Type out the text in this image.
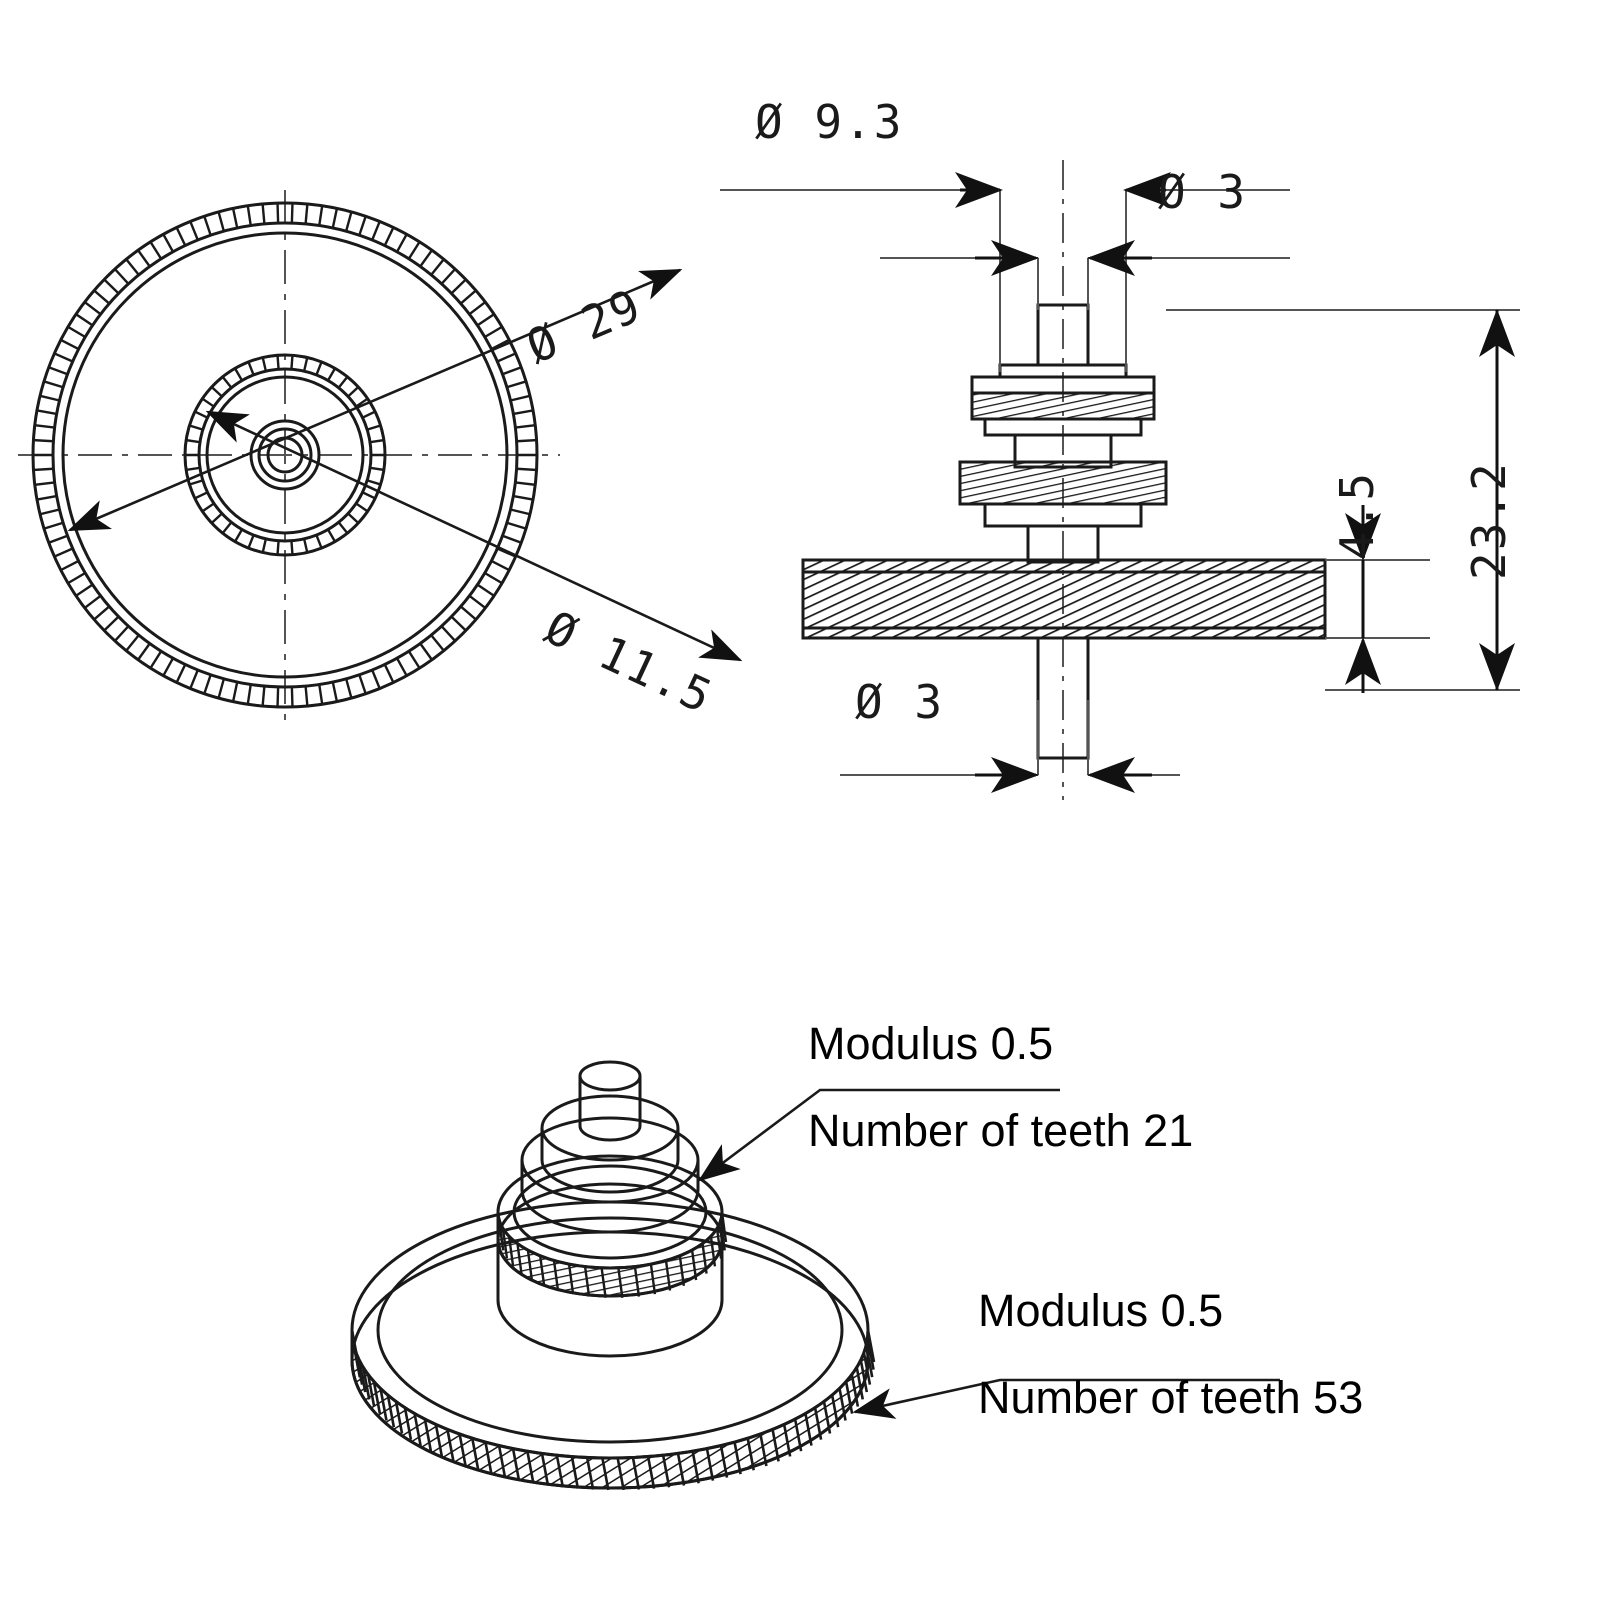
Ø 29
Ø 11.5
Ø 9.3
Ø 3
Ø 3
4.5 23.2
Modulus 0.5
Number of teeth 21
Modulus 0.5
Number of teeth 53
